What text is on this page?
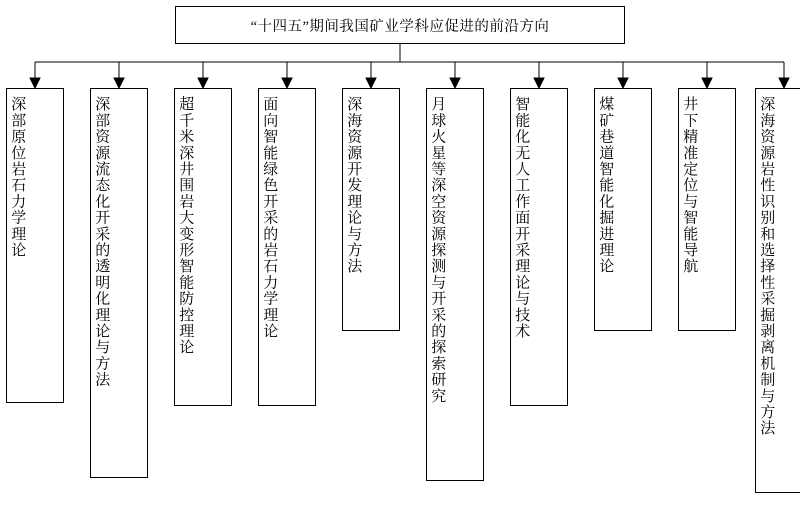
“十四五”期间我国矿业学科应促进的前沿方向
深部原位岩石力学理论	深部资源流态化开采的透明化理论与方法	超千米深井围岩大变形智能防控理论	面向智能绿色开采的岩石力学理论	深海资源开发理论与方法	月球火星等深空资源探测与开采的探索研究	智能化无人工作面开采理论与技术	煤矿巷道智能化掘进理论	井下精准定位与智能导航	深海资源岩性识别和选择性采掘剥离机制与方法
